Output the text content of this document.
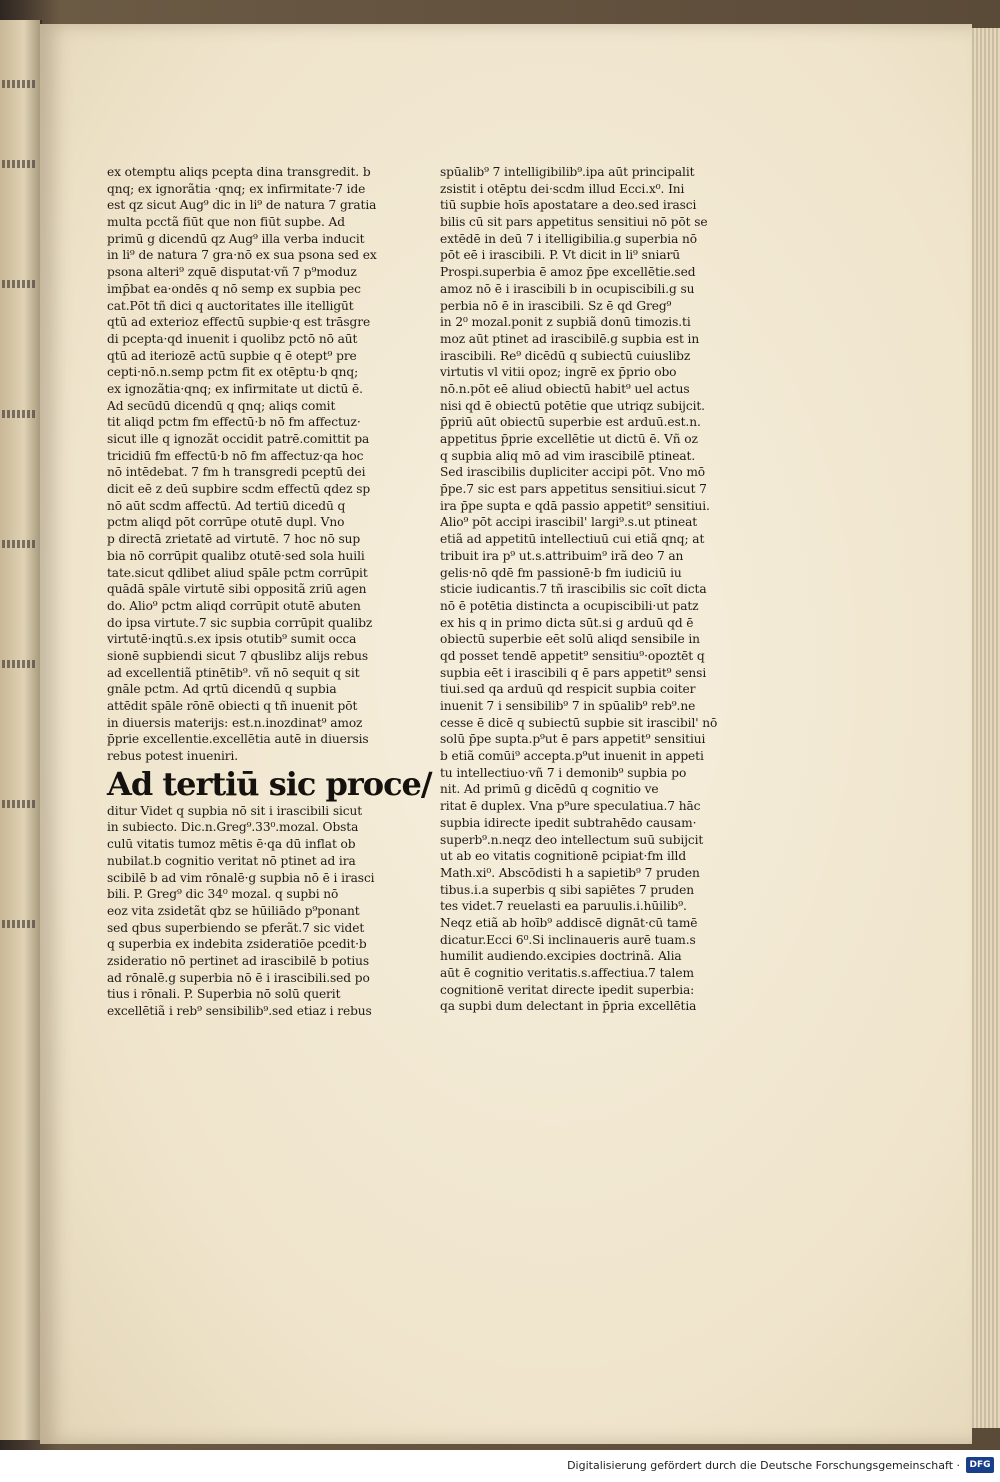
ex otemptu aliqs pcepta dina transgredit. b
qnq; ex ignorãtia ·qnq; ex infirmitate·7 ide
est qz sicut Aug⁹ dic in li⁹ de natura 7 gratia
multa pcctã fiūt que non fiūt supbe. Ad
primū g dicendū qz Aug⁹ illa verba inducit
in li⁹ de natura 7 gra·nō ex sua psona sed ex
psona alteri⁹ zquē disputat·vñ 7 p⁹moduz
imp̄bat ea·ondēs q nō semp ex supbia pec
cat.Pōt tñ dici q auctoritates ille itelligūt
qtū ad exterioz effectū supbie·q est trāsgre
di pcepta·qd inuenit i quolibz pctō nō aūt
qtū ad iteriozē actū supbie q ē otept⁹ pre
cepti·nō.n.semp pctm fit ex otēptu·b qnq;
ex ignozãtia·qnq; ex infirmitate ut dictū ē.
Ad secūdū dicendū q qnq; aliqs comit
tit aliqd pctm fm effectū·b nō fm affectuz·
sicut ille q ignozãt occidit patrē.comittit pa
tricidiū fm effectū·b nō fm affectuz·qa hoc
nō intēdebat. 7 fm h transgredi pceptū dei
dicit eē z deū supbire scdm effectū qdez sp
nō aūt scdm affectū. Ad tertiū dicedū q
pctm aliqd pōt corrūpe otutē dupl. Vno
p directā zrietatē ad virtutē. 7 hoc nō sup
bia nō corrūpit qualibz otutē·sed sola huili
tate.sicut qdlibet aliud spāle pctm corrūpit
quādā spāle virtutē sibi oppositã zriū agen
do. Alio⁹ pctm aliqd corrūpit otutē abuten
do ipsa virtute.7 sic supbia corrūpit qualibz
virtutē·inqtū.s.ex ipsis otutib⁹ sumit occa
sionē supbiendi sicut 7 qbuslibz alijs rebus
ad excellentiã ptinētib⁹. vñ nō sequit q sit
gnāle pctm. Ad qrtū dicendū q supbia
attēdit spāle rōnē obiecti q tñ inuenit pōt
in diuersis materijs: est.n.inozdinat⁹ amoz
p̄prie excellentie.excellētia autē in diuersis
rebus potest inueniri.
Ad tertiū sic proce/
ditur Videt q supbia nō sit i irascibili sicut
in subiecto. Dic.n.Greg⁹.33⁰.mozal. Obsta
culū vitatis tumoz mētis ē·qa dū inflat ob
nubilat.b cognitio veritat nō ptinet ad ira
scibilē b ad vim rōnalē·g supbia nō ē i irasci
bili. P. Greg⁹ dic 34⁰ mozal. q supbi nō
eoz vita zsidetãt qbz se hūiliādo p⁹ponant
sed qbus superbiendo se pferãt.7 sic videt
q superbia ex indebita zsideratiōe pcedit·b
zsideratio nō pertinet ad irascibilē b potius
ad rōnalē.g superbia nō ē i irascibili.sed po
tius i rōnali. P. Superbia nō solū querit
excellētiã i reb⁹ sensibilib⁹.sed etiaz i rebus
spūalib⁹ 7 intelligibilib⁹.ipa aūt principalit
zsistit i otēptu dei·scdm illud Ecci.x⁰. Ini
tiū supbie hoīs apostatare a deo.sed irasci
bilis cū sit pars appetitus sensitiui nō pōt se
extēdē in deū 7 i itelligibilia.g superbia nō
pōt eē i irascibili. P. Vt dicit in li⁹ sniarū
Prospi.superbia ē amoz p̄pe excellētie.sed
amoz nō ē i irascibili b in ocupiscibili.g su
perbia nō ē in irascibili. Sz ē qd Greg⁹
in 2⁰ mozal.ponit z supbiã donū timozis.ti
moz aūt ptinet ad irascibilē.g supbia est in
irascibili. Re⁹ dicēdū q subiectū cuiuslibz
virtutis vl vitii opoz; ingrē ex p̄prio obo
nō.n.pōt eē aliud obiectū habit⁹ uel actus
nisi qd ē obiectū potētie que utriqz subijcit.
p̄priū aūt obiectū superbie est arduū.est.n.
appetitus p̄prie excellētie ut dictū ē. Vñ oz
q supbia aliq mō ad vim irascibilē ptineat.
Sed irascibilis dupliciter accipi pōt. Vno mō
p̄pe.7 sic est pars appetitus sensitiui.sicut 7
ira p̄pe supta e qdā passio appetit⁹ sensitiui.
Alio⁹ pōt accipi irascibil' largi⁹.s.ut ptineat
etiã ad appetitū intellectiuū cui etiã qnq; at
tribuit ira p⁹ ut.s.attribuim⁹ irã deo 7 an
gelis·nō qdē fm passionē·b fm iudiciū iu
sticie iudicantis.7 tñ irascibilis sic coīt dicta
nō ē potētia distincta a ocupiscibili·ut patz
ex his q in primo dicta sūt.si g arduū qd ē
obiectū superbie eēt solū aliqd sensibile in
qd posset tendē appetit⁹ sensitiu⁹·opoztēt q
supbia eēt i irascibili q ē pars appetit⁹ sensi
tiui.sed qa arduū qd respicit supbia coiter
inuenit 7 i sensibilib⁹ 7 in spūalib⁹ reb⁹.ne
cesse ē dicē q subiectū supbie sit irascibil' nō
solū p̄pe supta.p⁹ut ē pars appetit⁹ sensitiui
b etiã comūi⁹ accepta.p⁹ut inuenit in appeti
tu intellectiuo·vñ 7 i demonib⁹ supbia po
nit. Ad primū g dicēdū q cognitio ve
ritat ē duplex. Vna p⁹ure speculatiua.7 hāc
supbia idirecte ipedit subtrahēdo causam·
superb⁹.n.neqz deo intellectum suū subijcit
ut ab eo vitatis cognitionē pcipiat·fm illd
Math.xi⁰. Abscōdisti h a sapietib⁹ 7 pruden
tibus.i.a superbis q sibi sapiētes 7 pruden
tes videt.7 reuelasti ea paruulis.i.hūilib⁹.
Neqz etiã ab hoīb⁹ addiscē dignāt·cū tamē
dicatur.Ecci 6⁰.Si inclinaueris aurē tuam.s
humilit audiendo.excipies doctrinã. Alia
aūt ē cognitio veritatis.s.affectiua.7 talem
cognitionē veritat directe ipedit superbia:
qa supbi dum delectant in p̄pria excellētia
Digitalisierung gefördert durch die Deutsche Forschungsgemeinschaft ·	DFG
